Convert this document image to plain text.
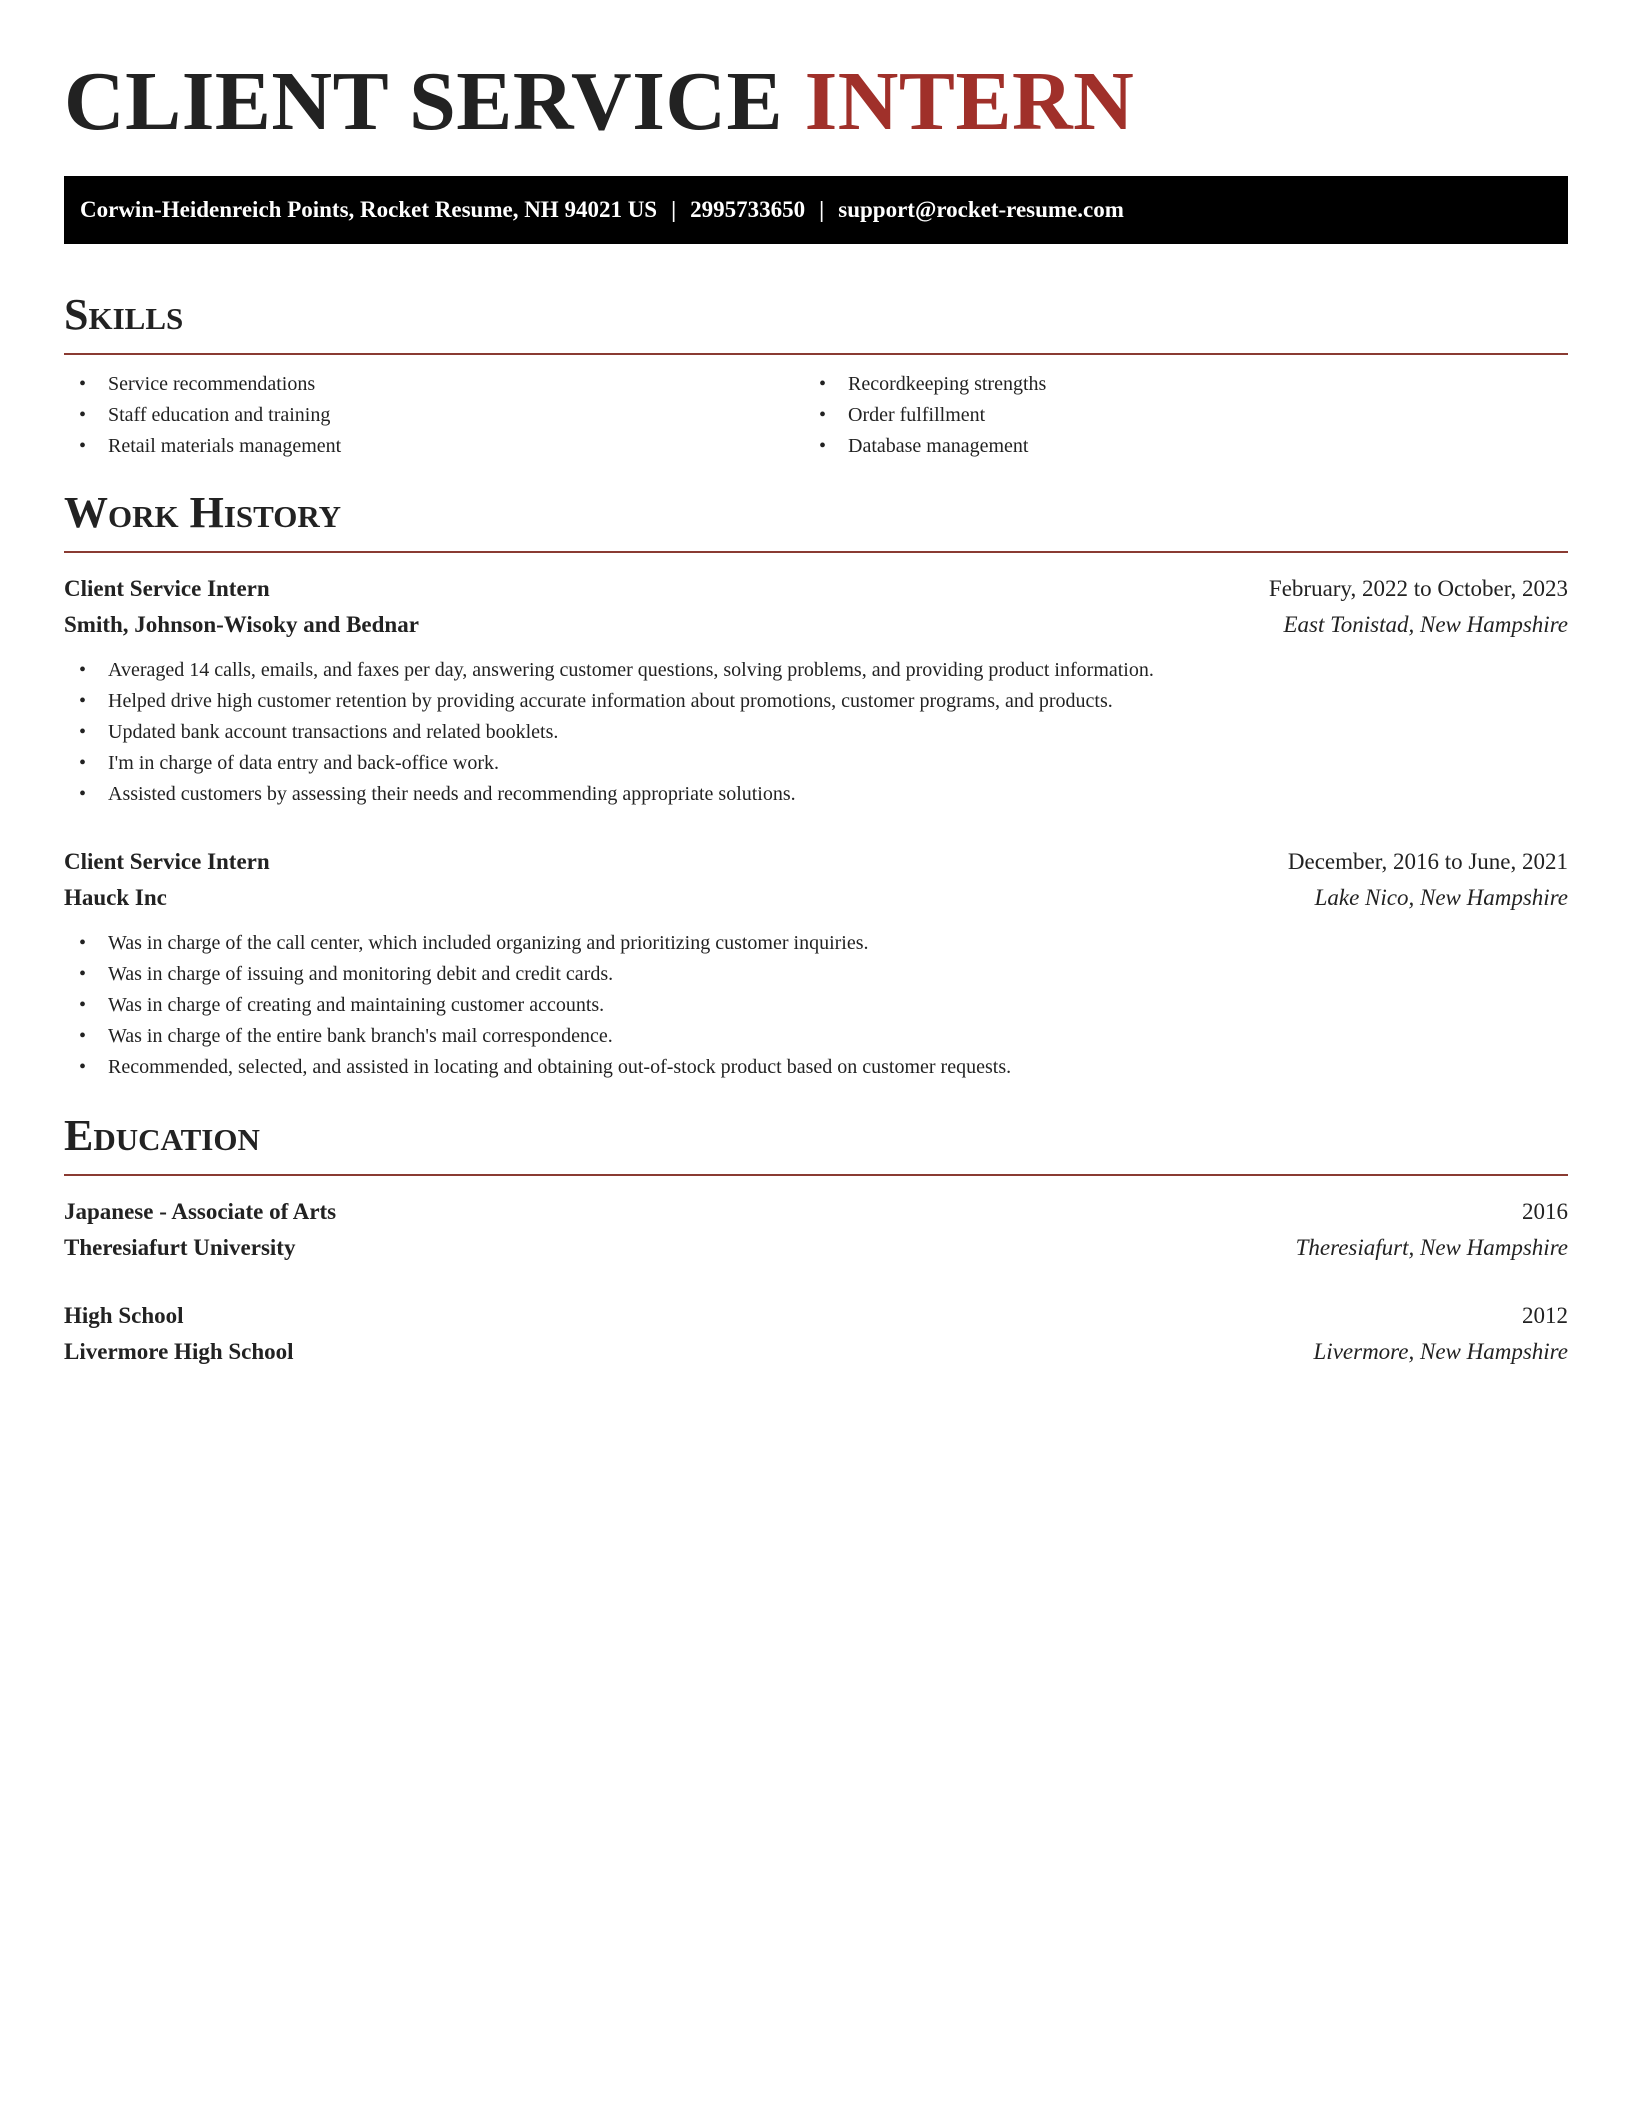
CLIENT SERVICE INTERN
Corwin-Heidenreich Points, Rocket Resume, NH 94021 US | 2995733650 | support@rocket-resume.com
Skills
• Service recommendations
• Staff education and training
• Retail materials management
• Recordkeeping strengths
• Order fulfillment
• Database management
Work History
Client Service Intern	February, 2022 to October, 2023
Smith, Johnson-Wisoky and Bednar	East Tonistad, New Hampshire
• Averaged 14 calls, emails, and faxes per day, answering customer questions, solving problems, and providing product information.
• Helped drive high customer retention by providing accurate information about promotions, customer programs, and products.
• Updated bank account transactions and related booklets.
• I'm in charge of data entry and back-office work.
• Assisted customers by assessing their needs and recommending appropriate solutions.
Client Service Intern	December, 2016 to June, 2021
Hauck Inc	Lake Nico, New Hampshire
• Was in charge of the call center, which included organizing and prioritizing customer inquiries.
• Was in charge of issuing and monitoring debit and credit cards.
• Was in charge of creating and maintaining customer accounts.
• Was in charge of the entire bank branch's mail correspondence.
• Recommended, selected, and assisted in locating and obtaining out-of-stock product based on customer requests.
Education
Japanese - Associate of Arts	2016
Theresiafurt University	Theresiafurt, New Hampshire
High School	2012
Livermore High School	Livermore, New Hampshire
